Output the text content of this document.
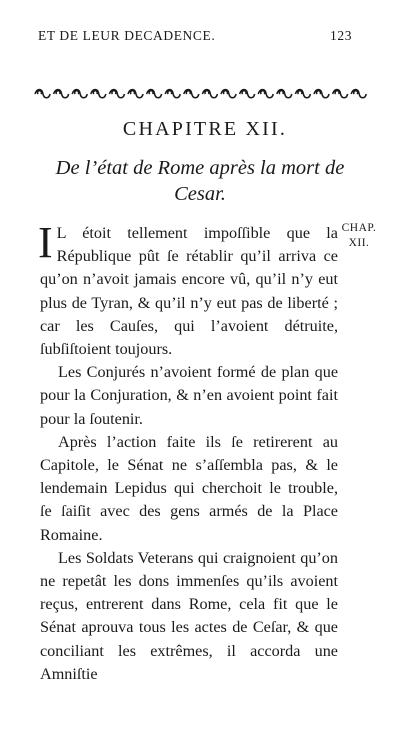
ET DE LEUR DECADENCE.	123
CHAPITRE XII.
De l’état de Rome après la mort de Cesar.
CHAP.
XII.

I L étoit tellement impoſſible que la République pût ſe rétablir qu’il arriva ce qu’on n’avoit jamais encore vû, qu’il n’y eut plus de Tyran, & qu’il n’y eut pas de liberté ; car les Cauſes, qui l’avoient détruite, ſubſiſtoient toujours.

Les Conjurés n’avoient formé de plan que pour la Conjuration, & n’en avoient point fait pour la ſoutenir.

Après l’action faite ils ſe retirerent au Capitole, le Sénat ne s’aſſembla pas, & le lendemain Lepidus qui cherchoit le trouble, ſe ſaiſit avec des gens armés de la Place Romaine.

Les Soldats Veterans qui craignoient qu’on ne repetât les dons immenſes qu’ils avoient reçus, entrerent dans Rome, cela fit que le Sénat aprouva tous les actes de Ceſar, & que conciliant les extrêmes, il accorda une Amniſtie
